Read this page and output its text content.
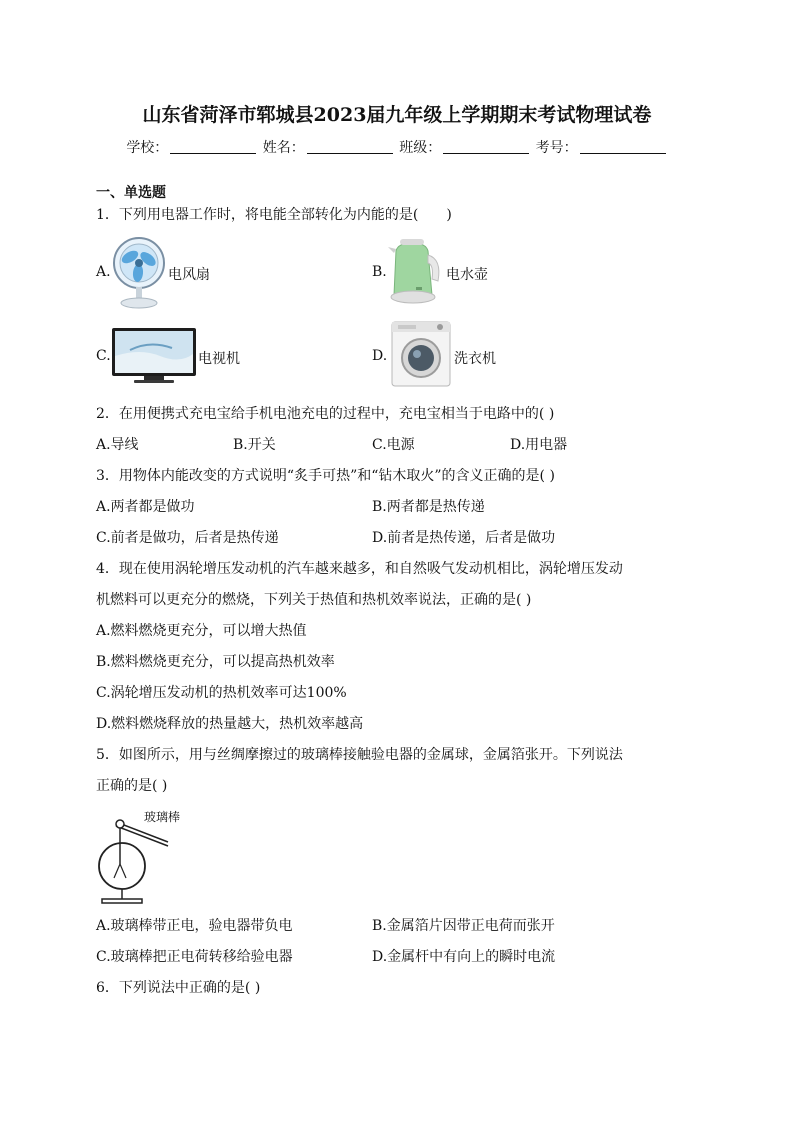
山东省菏泽市郓城县2023届九年级上学期期末考试物理试卷
学校：	姓名：	班级：	考号：
一、单选题
1．下列用电器工作时，将电能全部转化为内能的是(　　)
A.	电风扇	B.	电水壶
C.	电视机	D.	洗衣机
2．在用便携式充电宝给手机电池充电的过程中，充电宝相当于电路中的( )
A.导线	B.开关	C.电源	D.用电器
3．用物体内能改变的方式说明“炙手可热”和“钻木取火”的含义正确的是( )
A.两者都是做功	B.两者都是热传递
C.前者是做功，后者是热传递	D.前者是热传递，后者是做功
4．现在使用涡轮增压发动机的汽车越来越多，和自然吸气发动机相比，涡轮增压发动
机燃料可以更充分的燃烧，下列关于热值和热机效率说法，正确的是( )
A.燃料燃烧更充分，可以增大热值
B.燃料燃烧更充分，可以提高热机效率
C.涡轮增压发动机的热机效率可达100%
D.燃料燃烧释放的热量越大，热机效率越高
5．如图所示，用与丝绸摩擦过的玻璃棒接触验电器的金属球，金属箔张开。下列说法
正确的是( )
玻璃棒
A.玻璃棒带正电，验电器带负电	B.金属箔片因带正电荷而张开
C.玻璃棒把正电荷转移给验电器	D.金属杆中有向上的瞬时电流
6．下列说法中正确的是( )
